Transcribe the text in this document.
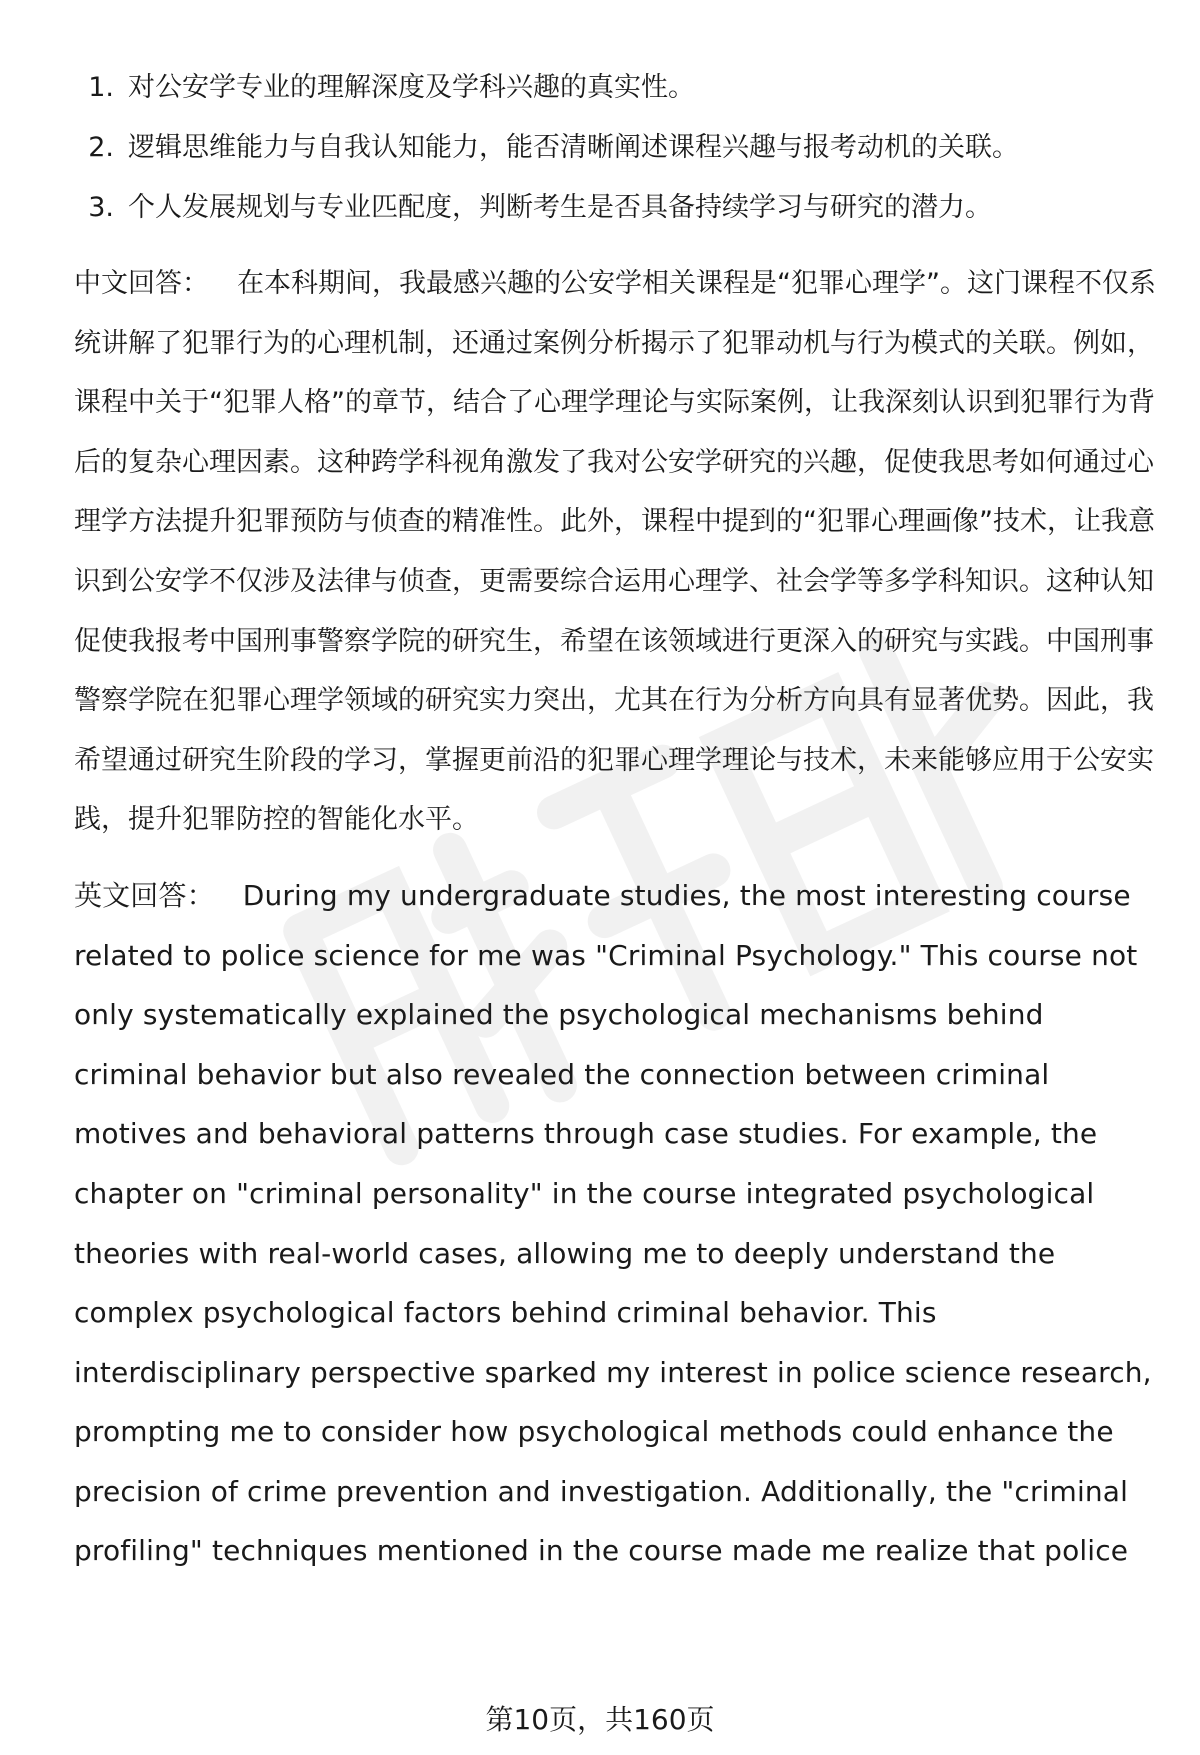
1. 对公安学专业的理解深度及学科兴趣的真实性。
2. 逻辑思维能力与自我认知能力，能否清晰阐述课程兴趣与报考动机的关联。
3. 个人发展规划与专业匹配度，判断考生是否具备持续学习与研究的潜力。

中文回答： 在本科期间，我最感兴趣的公安学相关课程是“犯罪心理学”。这门课程不仅系统讲解了犯罪行为的心理机制，还通过案例分析揭示了犯罪动机与行为模式的关联。例如，课程中关于“犯罪人格”的章节，结合了心理学理论与实际案例，让我深刻认识到犯罪行为背后的复杂心理因素。这种跨学科视角激发了我对公安学研究的兴趣，促使我思考如何通过心理学方法提升犯罪预防与侦查的精准性。此外，课程中提到的“犯罪心理画像”技术，让我意识到公安学不仅涉及法律与侦查，更需要综合运用心理学、社会学等多学科知识。这种认知促使我报考中国刑事警察学院的研究生，希望在该领域进行更深入的研究与实践。中国刑事警察学院在犯罪心理学领域的研究实力突出，尤其在行为分析方向具有显著优势。因此，我希望通过研究生阶段的学习，掌握更前沿的犯罪心理学理论与技术，未来能够应用于公安实践，提升犯罪防控的智能化水平。

英文回答： During my undergraduate studies, the most interesting course related to police science for me was "Criminal Psychology." This course not only systematically explained the psychological mechanisms behind criminal behavior but also revealed the connection between criminal motives and behavioral patterns through case studies. For example, the chapter on "criminal personality" in the course integrated psychological theories with real-world cases, allowing me to deeply understand the complex psychological factors behind criminal behavior. This interdisciplinary perspective sparked my interest in police science research, prompting me to consider how psychological methods could enhance the precision of crime prevention and investigation. Additionally, the "criminal profiling" techniques mentioned in the course made me realize that police

第10页，共160页
